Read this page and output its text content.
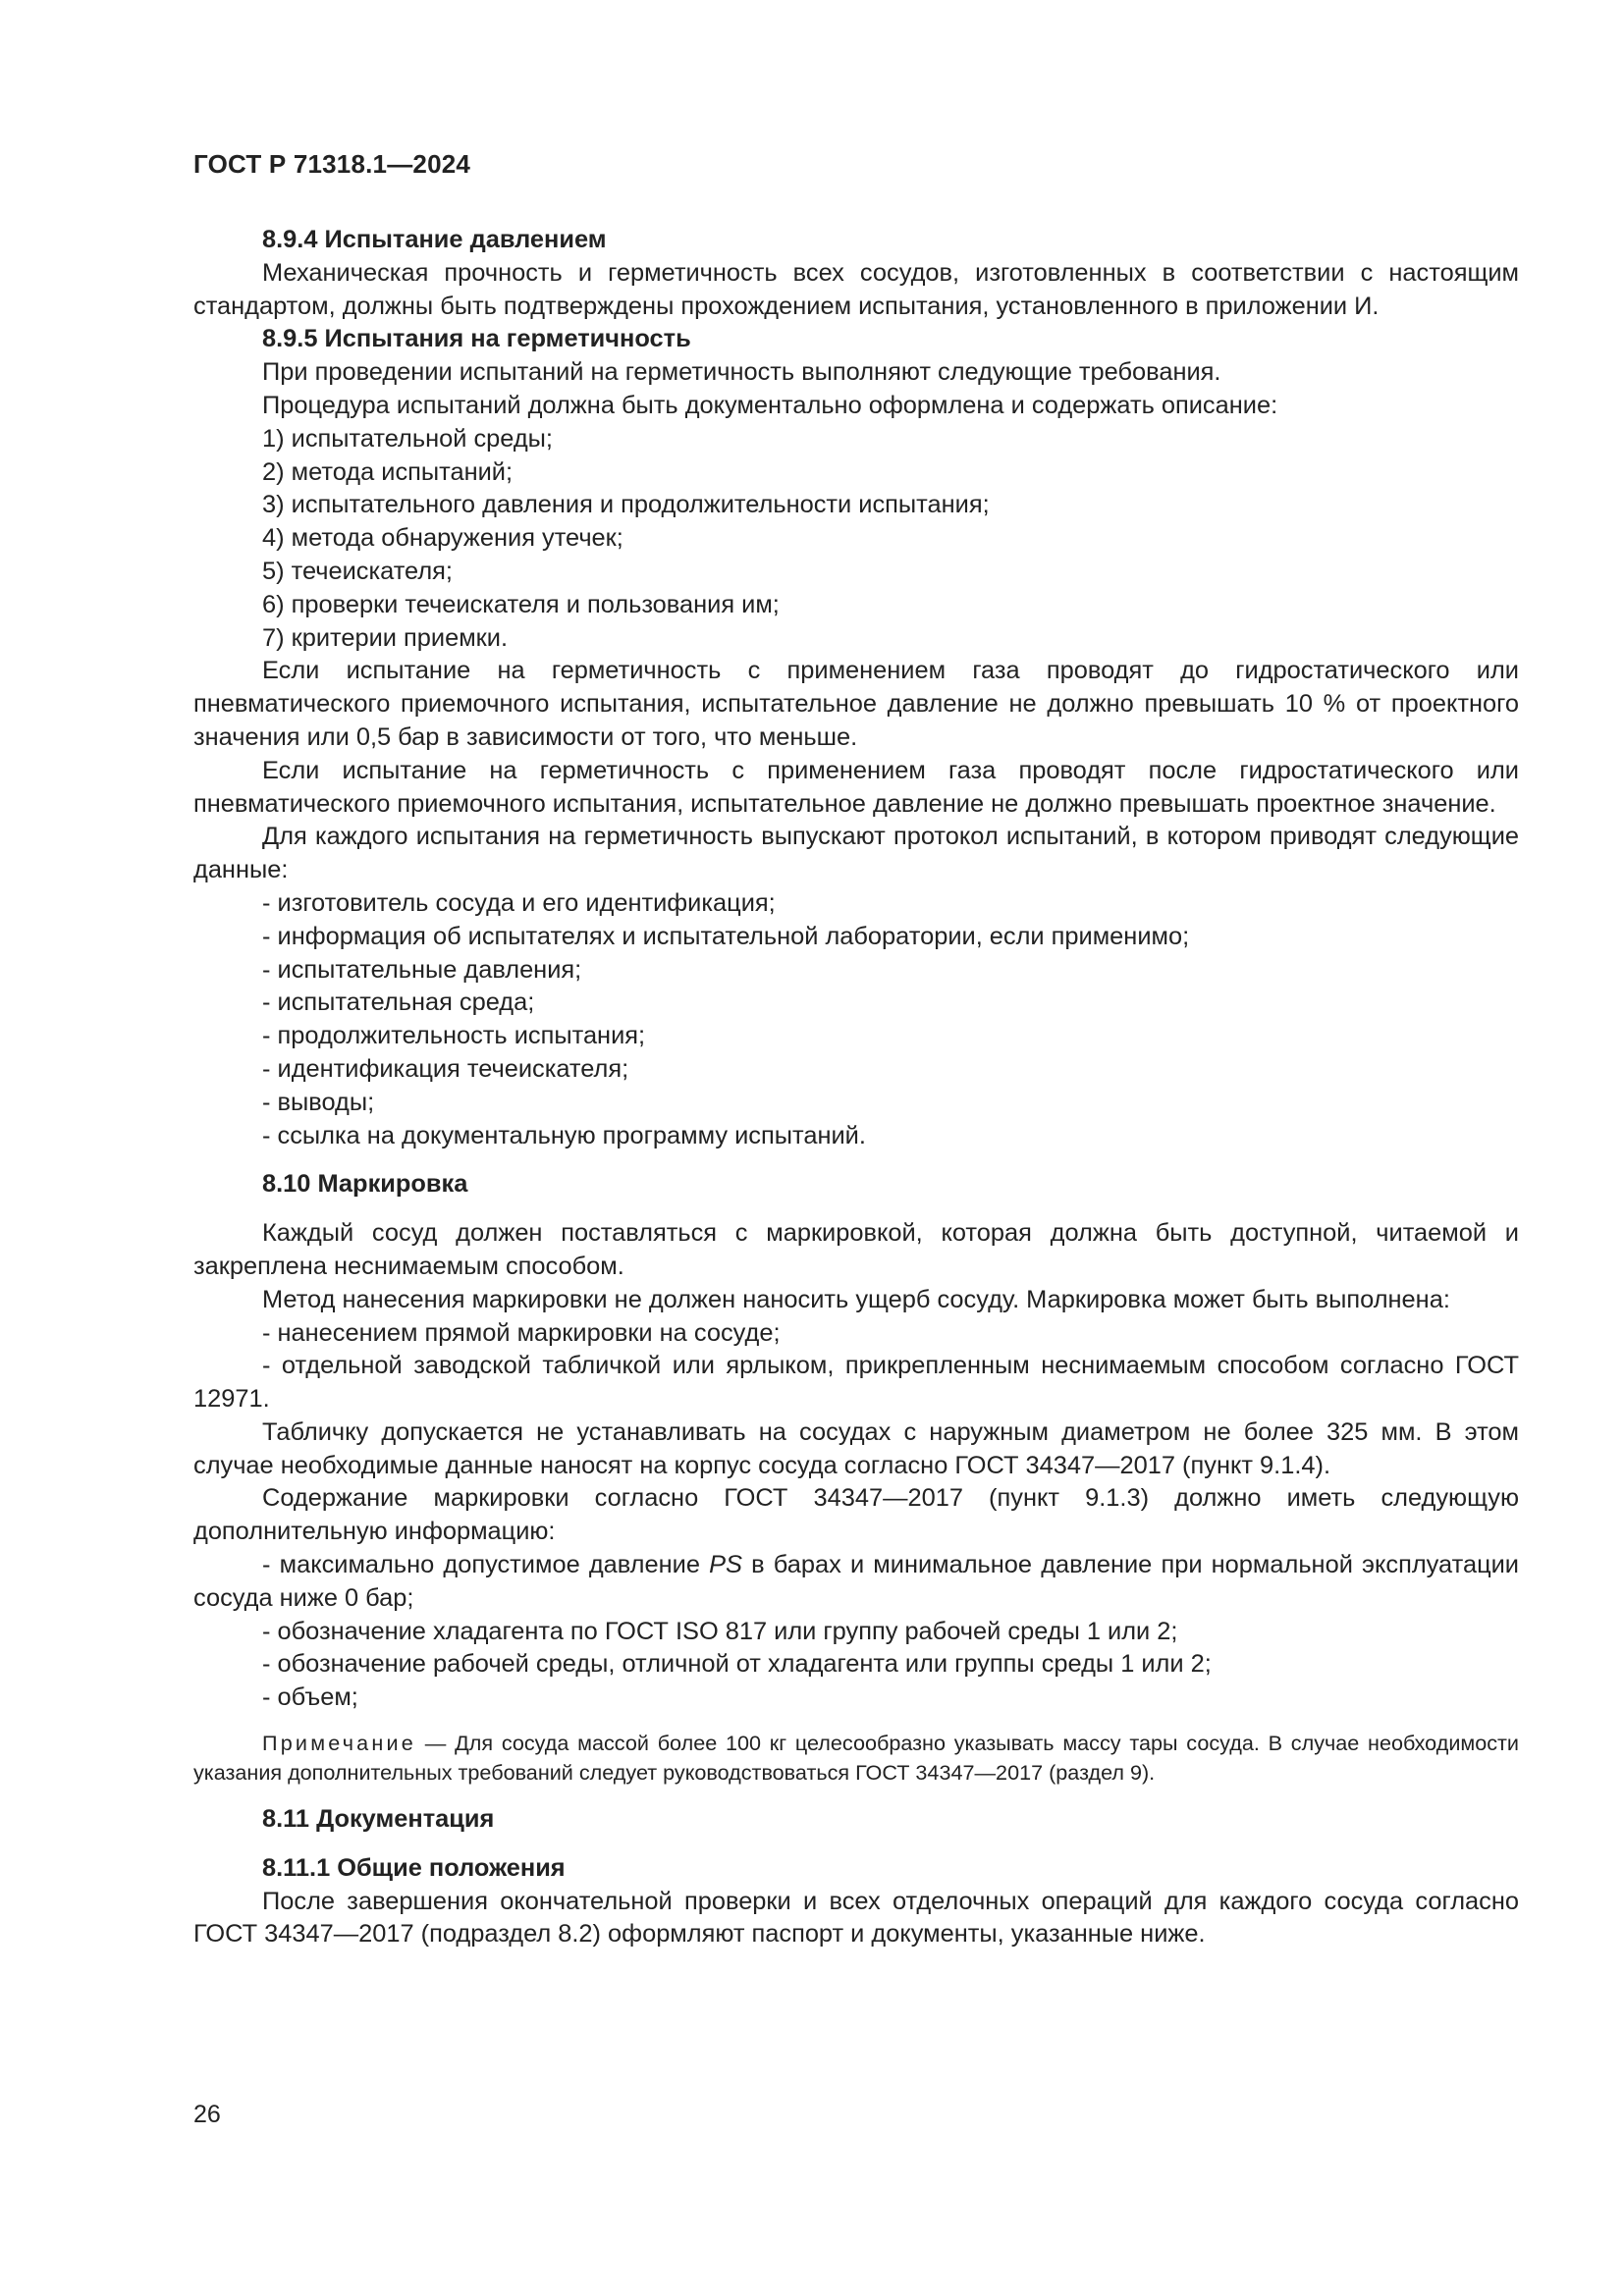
ГОСТ Р 71318.1—2024
8.9.4 Испытание давлением

Механическая прочность и герметичность всех сосудов, изготовленных в соответствии с настоящим стандартом, должны быть подтверждены прохождением испытания, установленного в приложении И.

8.9.5 Испытания на герметичность

При проведении испытаний на герметичность выполняют следующие требования.

Процедура испытаний должна быть документально оформлена и содержать описание:

1) испытательной среды;
2) метода испытаний;
3) испытательного давления и продолжительности испытания;
4) метода обнаружения утечек;
5) течеискателя;
6) проверки течеискателя и пользования им;
7) критерии приемки.

Если испытание на герметичность с применением газа проводят до гидростатического или пневматического приемочного испытания, испытательное давление не должно превышать 10 % от проектного значения или 0,5 бар в зависимости от того, что меньше.

Если испытание на герметичность с применением газа проводят после гидростатического или пневматического приемочного испытания, испытательное давление не должно превышать проектное значение.

Для каждого испытания на герметичность выпускают протокол испытаний, в котором приводят следующие данные:

- изготовитель сосуда и его идентификация;
- информация об испытателях и испытательной лаборатории, если применимо;
- испытательные давления;
- испытательная среда;
- продолжительность испытания;
- идентификация течеискателя;
- выводы;
- ссылка на документальную программу испытаний.
8.10 Маркировка

Каждый сосуд должен поставляться с маркировкой, которая должна быть доступной, читаемой и закреплена неснимаемым способом.

Метод нанесения маркировки не должен наносить ущерб сосуду. Маркировка может быть выполнена:

- нанесением прямой маркировки на сосуде;
- отдельной заводской табличкой или ярлыком, прикрепленным неснимаемым способом согласно ГОСТ 12971.

Табличку допускается не устанавливать на сосудах с наружным диаметром не более 325 мм. В этом случае необходимые данные наносят на корпус сосуда согласно ГОСТ 34347—2017 (пункт 9.1.4).

Содержание маркировки согласно ГОСТ 34347—2017 (пункт 9.1.3) должно иметь следующую дополнительную информацию:

- максимально допустимое давление PS в барах и минимальное давление при нормальной эксплуатации сосуда ниже 0 бар;
- обозначение хладагента по ГОСТ ISO 817 или группу рабочей среды 1 или 2;
- обозначение рабочей среды, отличной от хладагента или группы среды 1 или 2;
- объем;
Примечание — Для сосуда массой более 100 кг целесообразно указывать массу тары сосуда. В случае необходимости указания дополнительных требований следует руководствоваться ГОСТ 34347—2017 (раздел 9).
8.11 Документация
8.11.1 Общие положения

После завершения окончательной проверки и всех отделочных операций для каждого сосуда согласно ГОСТ 34347—2017 (подраздел 8.2) оформляют паспорт и документы, указанные ниже.

26
